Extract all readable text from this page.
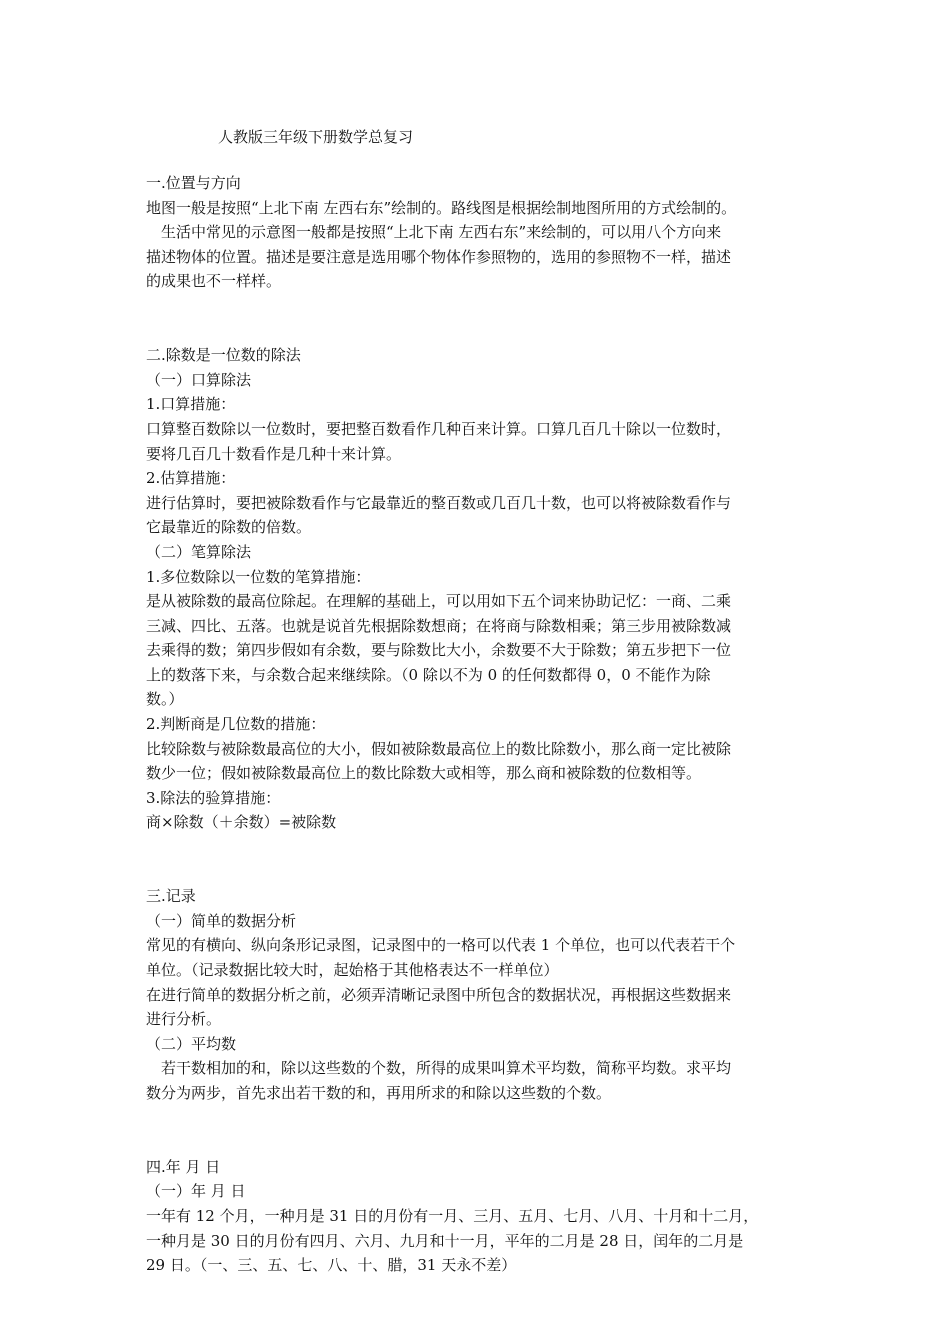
人教版三年级下册数学总复习
一.位置与方向
地图一般是按照“上北下南 左西右东”绘制的。路线图是根据绘制地图所用的方式绘制的。
　生活中常见的示意图一般都是按照“上北下南 左西右东”来绘制的，可以用八个方向来
描述物体的位置。描述是要注意是选用哪个物体作参照物的，选用的参照物不一样，描述
的成果也不一样样。
二.除数是一位数的除法
（一）口算除法
1.口算措施：
口算整百数除以一位数时，要把整百数看作几种百来计算。口算几百几十除以一位数时，
要将几百几十数看作是几种十来计算。
2.估算措施：
进行估算时，要把被除数看作与它最靠近的整百数或几百几十数，也可以将被除数看作与
它最靠近的除数的倍数。
（二）笔算除法
1.多位数除以一位数的笔算措施：
是从被除数的最高位除起。在理解的基础上，可以用如下五个词来协助记忆：一商、二乘
三减、四比、五落。也就是说首先根据除数想商；在将商与除数相乘；第三步用被除数减
去乘得的数；第四步假如有余数，要与除数比大小，余数要不大于除数；第五步把下一位
上的数落下来，与余数合起来继续除。（0 除以不为 0 的任何数都得 0，0 不能作为除
数。）
2.判断商是几位数的措施：
比较除数与被除数最高位的大小，假如被除数最高位上的数比除数小，那么商一定比被除
数少一位；假如被除数最高位上的数比除数大或相等，那么商和被除数的位数相等。
3.除法的验算措施：
商×除数（＋余数）=被除数
三.记录
（一）简单的数据分析
常见的有横向、纵向条形记录图，记录图中的一格可以代表 1 个单位，也可以代表若干个
单位。（记录数据比较大时，起始格于其他格表达不一样单位）
在进行简单的数据分析之前，必须弄清晰记录图中所包含的数据状况，再根据这些数据来
进行分析。
（二）平均数
　若干数相加的和，除以这些数的个数，所得的成果叫算术平均数，简称平均数。求平均
数分为两步，首先求出若干数的和，再用所求的和除以这些数的个数。
四.年 月 日
（一）年 月 日
一年有 12 个月，一种月是 31 日的月份有一月、三月、五月、七月、八月、十月和十二月，
一种月是 30 日的月份有四月、六月、九月和十一月，平年的二月是 28 日，闰年的二月是
29 日。（一、三、五、七、八、十、腊，31 天永不差）
